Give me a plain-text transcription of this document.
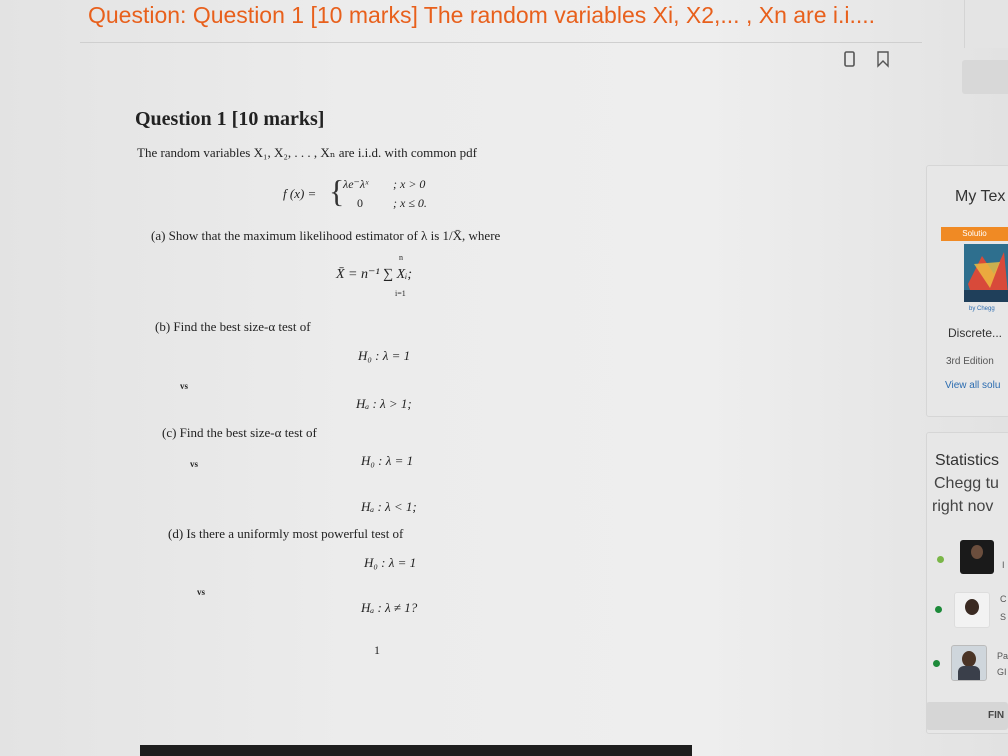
Question: Question 1 [10 marks] The random variables Xi, X2,... , Xn are i.i....
Question 1 [10 marks]
The random variables X₁, X₂, . . . , Xₙ are i.i.d. with common pdf
f (x) = {
λe⁻λˣ ; x > 0
0	; x ≤ 0.
(a) Show that the maximum likelihood estimator of λ is 1/X̄, where
n
X̄ = n⁻¹ ∑ Xᵢ;
i=1
(b) Find the best size-α test of
H₀ : λ = 1
vs
Hₐ : λ > 1;
(c) Find the best size-α test of
H₀ : λ = 1
vs
Hₐ : λ < 1;
(d) Is there a uniformly most powerful test of
H₀ : λ = 1
vs
Hₐ : λ ≠ 1?
1
My Tex
Solutio
by Chegg
Discrete...
3rd Edition
View all solu
Statistics
Chegg tu
right nov
I
C
S
Pa
GI
FIN
